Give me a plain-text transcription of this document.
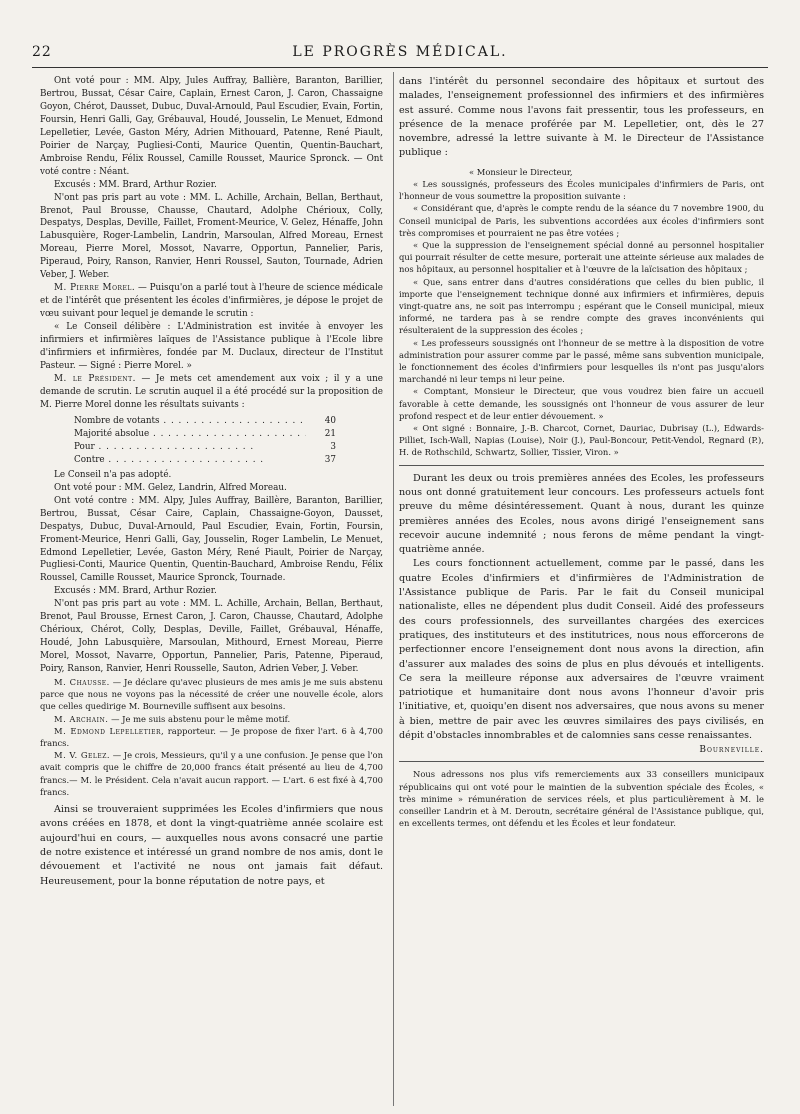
22	LE PROGRÈS MÉDICAL.

Ont voté pour : MM. Alpy, Jules Auffray, Ballière, Baranton, Barillier, Bertrou, Bussat, César Caire, Caplain, Ernest Caron, J. Caron, Chassaigne Goyon, Chérot, Dausset, Dubuc, Duval-Arnould, Paul Escudier, Evain, Fortin, Foursin, Henri Galli, Gay, Grébauval, Houdé, Jousselin, Le Menuet, Edmond Lepelletier, Levée, Gaston Méry, Adrien Mithouard, Patenne, René Piault, Poirier de Narçay, Pugliesi-Conti, Maurice Quentin, Quentin-Bauchart, Ambroise Rendu, Félix Roussel, Camille Rousset, Maurice Spronck. — Ont voté contre : Néant.

Excusés : MM. Brard, Arthur Rozier.

N'ont pas pris part au vote : MM. L. Achille, Archain, Bellan, Berthaut, Brenot, Paul Brousse, Chausse, Chautard, Adolphe Chérioux, Colly, Despatys, Desplas, Deville, Faillet, Froment-Meurice, V. Gelez, Hénaffe, John Labusquière, Roger-Lambelin, Landrin, Marsoulan, Alfred Moreau, Ernest Moreau, Pierre Morel, Mossot, Navarre, Opportun, Pannelier, Paris, Piperaud, Poiry, Ranson, Ranvier, Henri Roussel, Sauton, Tournade, Adrien Veber, J. Weber.

M. Pierre Morel. — Puisqu'on a parlé tout à l'heure de science médicale et de l'intérêt que présentent les écoles d'infirmières, je dépose le projet de vœu suivant pour lequel je demande le scrutin :

« Le Conseil délibère : L'Administration est invitée à envoyer les infirmiers et infirmières laïques de l'Assistance publique à l'Ecole libre d'infirmiers et infirmières, fondée par M. Duclaux, directeur de l'Institut Pasteur. — Signé : Pierre Morel. »

M. le Président. — Je mets cet amendement aux voix ; il y a une demande de scrutin. Le scrutin auquel il a été procédé sur la proposition de M. Pierre Morel donne les résultats suivants :

Nombre de votants . . .	40
Majorité absolue . . .	21
Pour . . .	3
Contre . . .	37

Le Conseil n'a pas adopté.

Ont voté pour : MM. Gelez, Landrin, Alfred Moreau.

Ont voté contre : MM. Alpy, Jules Auffray, Baillère, Baranton, Barillier, Bertrou, Bussat, César Caire, Caplain, Chassaigne-Goyon, Dausset, Despatys, Dubuc, Duval-Arnould, Paul Escudier, Evain, Fortin, Foursin, Froment-Meurice, Henri Galli, Gay, Jousselin, Roger Lambelin, Le Menuet, Edmond Lepelletier, Levée, Gaston Méry, René Piault, Poirier de Narçay, Pugliesi-Conti, Maurice Quentin, Quentin-Bauchard, Ambroise Rendu, Félix Roussel, Camille Rousset, Maurice Spronck, Tournade.

Excusés : MM. Brard, Arthur Rozier.

N'ont pas pris part au vote : MM. L. Achille, Archain, Bellan, Berthaut, Brenot, Paul Brousse, Ernest Caron, J. Caron, Chausse, Chautard, Adolphe Chérioux, Chérot, Colly, Desplas, Deville, Faillet, Grébauval, Hénaffe, Houdé, John Labusquière, Marsoulan, Mithourd, Ernest Moreau, Pierre Morel, Mossot, Navarre, Opportun, Pannelier, Paris, Patenne, Piperaud, Poiry, Ranson, Ranvier, Henri Rousselle, Sauton, Adrien Veber, J. Veber.

M. Chausse. — Je déclare qu'avec plusieurs de mes amis je me suis abstenu parce que nous ne voyons pas la nécessité de créer une nouvelle école, alors que celles quedirige M. Bourneville suffisent aux besoins.

M. Archain. — Je me suis abstenu pour le même motif.

M. Edmond Lepelletier, rapporteur. — Je propose de fixer l'art. 6 à 4,700 francs.

M. V. Gelez. — Je crois, Messieurs, qu'il y a une confusion. Je pense que l'on avait compris que le chiffre de 20,000 francs était présenté au lieu de 4,700 francs.— M. le Président. Cela n'avait aucun rapport. — L'art. 6 est fixé à 4,700 francs.

Ainsi se trouveraient supprimées les Ecoles d'infirmiers que nous avons créées en 1878, et dont la vingt-quatrième année scolaire est aujourd'hui en cours, — auxquelles nous avons consacré une partie de notre existence et intéressé un grand nombre de nos amis, dont le dévouement et l'activité ne nous ont jamais fait défaut. Heureusement, pour la bonne réputation de notre pays, et

dans l'intérêt du personnel secondaire des hôpitaux et surtout des malades, l'enseignement professionnel des infirmiers et des infirmières est assuré. Comme nous l'avons fait pressentir, tous les professeurs, en présence de la menace proférée par M. Lepelletier, ont, dès le 27 novembre, adressé la lettre suivante à M. le Directeur de l'Assistance publique :

« Monsieur le Directeur,

« Les soussignés, professeurs des Écoles municipales d'infirmiers de Paris, ont l'honneur de vous soumettre la proposition suivante :

« Considérant que, d'après le compte rendu de la séance du 7 novembre 1900, du Conseil municipal de Paris, les subventions accordées aux écoles d'infirmiers sont très compromises et pourraient ne pas être votées ;

« Que la suppression de l'enseignement spécial donné au personnel hospitalier qui pourrait résulter de cette mesure, porterait une atteinte sérieuse aux malades de nos hôpitaux, au personnel hospitalier et à l'œuvre de la laïcisation des hôpitaux ;

« Que, sans entrer dans d'autres considérations que celles du bien public, il importe que l'enseignement technique donné aux infirmiers et infirmières, depuis vingt-quatre ans, ne soit pas interrompu ; espérant que le Conseil municipal, mieux informé, ne tardera pas à se rendre compte des graves inconvénients qui résulteraient de la suppression des écoles ;

« Les professeurs soussignés ont l'honneur de se mettre à la disposition de votre administration pour assurer comme par le passé, même sans subvention municipale, le fonctionnement des écoles d'infirmiers pour lesquelles ils n'ont pas jusqu'alors marchandé ni leur temps ni leur peine.

« Comptant, Monsieur le Directeur, que vous voudrez bien faire un accueil favorable à cette demande, les soussignés ont l'honneur de vous assurer de leur profond respect et de leur entier dévouement. »

« Ont signé : Bonnaire, J.-B. Charcot, Cornet, Dauriac, Dubrisay (L.), Edwards-Pilliet, Isch-Wall, Napias (Louise), Noir (J.), Paul-Boncour, Petit-Vendol, Regnard (P.), H. de Rothschild, Schwartz, Sollier, Tissier, Viron. »

Durant les deux ou trois premières années des Ecoles, les professeurs nous ont donné gratuitement leur concours. Les professeurs actuels font preuve du même désintéressement. Quant à nous, durant les quinze premières années des Ecoles, nous avons dirigé l'enseignement sans recevoir aucune indemnité ; nous ferons de même pendant la vingt-quatrième année.

Les cours fonctionnent actuellement, comme par le passé, dans les quatre Ecoles d'infirmiers et d'infirmières de l'Administration de l'Assistance publique de Paris. Par le fait du Conseil municipal nationaliste, elles ne dépendent plus dudit Conseil. Aidé des professeurs des cours professionnels, des surveillantes chargées des exercices pratiques, des instituteurs et des institutrices, nous nous efforcerons de perfectionner encore l'enseignement dont nous avons la direction, afin d'assurer aux malades des soins de plus en plus dévoués et intelligents. Ce sera la meilleure réponse aux adversaires de l'œuvre vraiment patriotique et humanitaire dont nous avons l'honneur d'avoir pris l'initiative, et, quoiqu'en disent nos adversaires, que nous avons su mener à bien, mettre de pair avec les œuvres similaires des pays civilisés, en dépit d'obstacles innombrables et de calomnies sans cesse renaissantes.

Bourneville.

Nous adressons nos plus vifs remerciements aux 33 conseillers municipaux républicains qui ont voté pour le maintien de la subvention spéciale des Écoles, « très minime » rémunération de services réels, et plus particulièrement à M. le conseiller Landrin et à M. Deroutn, secrétaire général de l'Assistance publique, qui, en excellents termes, ont défendu et les Écoles et leur fondateur.
